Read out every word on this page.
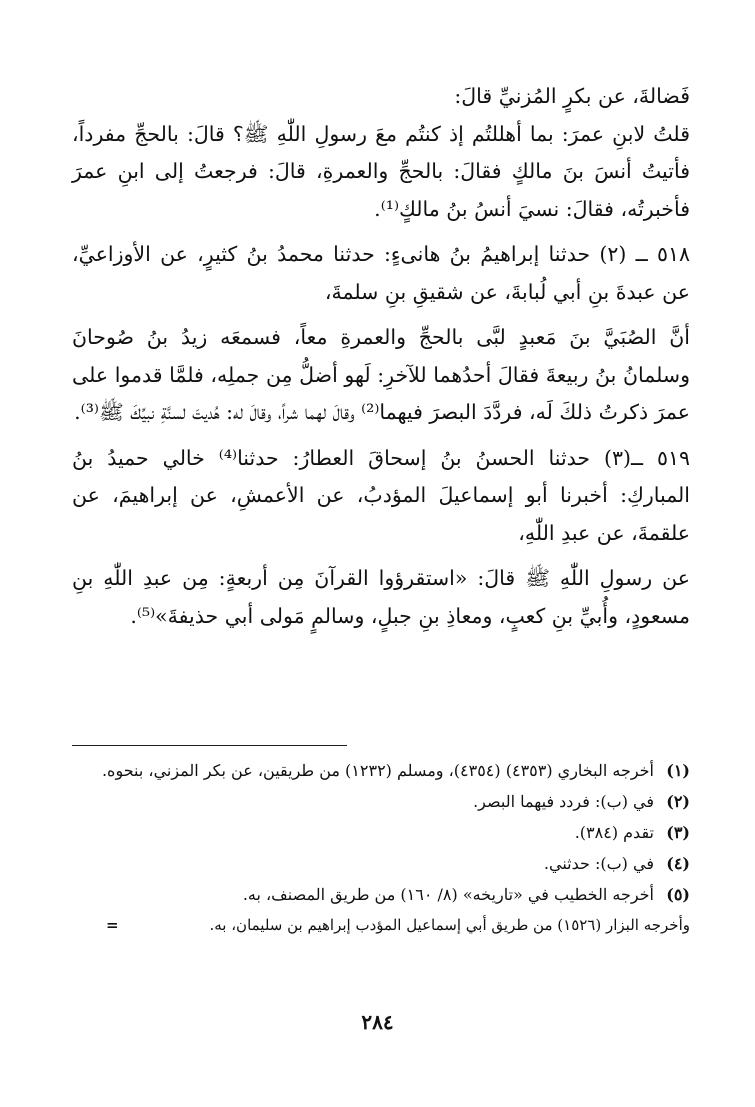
فَضالةَ، عن بكرٍ المُزنيِّ قالَ:

قلتُ لابنِ عمرَ: بما أهللتُم إذ كنتُم معَ رسولِ اللّٰهِ ﷺ؟ قالَ: بالحجِّ مفرداً، فأتيتُ أنسَ بنَ مالكٍ فقالَ: بالحجِّ والعمرةِ، قالَ: فرجعتُ إلى ابنِ عمرَ فأخبرتُه، فقالَ: نسيَ أنسُ بنُ مالكٍ⁽¹⁾.

٥١٨ ــ (٢) حدثنا إبراهيمُ بنُ هانىءٍ: حدثنا محمدُ بنُ كثيرٍ، عن الأوزاعيِّ، عن عبدةَ بنِ أبي لُبابةَ، عن شقيقِ بنِ سلمةَ،

أنَّ الصُبَيَّ بنَ مَعبدٍ لبَّى بالحجِّ والعمرةِ معاً، فسمعَه زيدُ بنُ صُوحانَ وسلمانُ بنُ ربيعةَ فقالَ أحدُهما للآخرِ: لَهو أضلُّ مِن جملِه، فلمَّا قدموا على عمرَ ذكرتُ ذلكَ لَه، فردَّدَ البصرَ فيهما⁽²⁾ وقالَ لهما شراً، وقالَ له: هُديتَ لسنَّةِ نبيِّكَ ﷺ⁽³⁾.

٥١٩ ــ(٣) حدثنا الحسنُ بنُ إسحاقَ العطارُ: حدثنا⁽⁴⁾ خالي حميدُ بنُ المباركِ: أخبرنا أبو إسماعيلَ المؤدبُ، عن الأعمشِ، عن إبراهيمَ، عن علقمةَ، عن عبدِ اللّٰهِ،

عن رسولِ اللّٰهِ ﷺ قالَ: «استقرؤوا القرآنَ مِن أربعةٍ: مِن عبدِ اللّٰهِ بنِ مسعودٍ، وأُبيِّ بنِ كعبٍ، ومعاذِ بنِ جبلٍ، وسالمٍ مَولى أبي حذيفةَ»⁽⁵⁾.

(١)
أخرجه البخاري (٤٣٥٣) (٤٣٥٤)، ومسلم (١٢٣٢) من طريقين، عن بكر المزني، بنحوه.

(٢)
في (ب): فردد فيهما البصر.

(٣)
تقدم (٣٨٤).

(٤)
في (ب): حدثني.

(٥)
أخرجه الخطيب في «تاريخه» (٨/ ١٦٠) من طريق المصنف، به.

وأخرجه البزار (١٥٢٦) من طريق أبي إسماعيل المؤدب إبراهيم بن سليمان، به.
=

٢٨٤
